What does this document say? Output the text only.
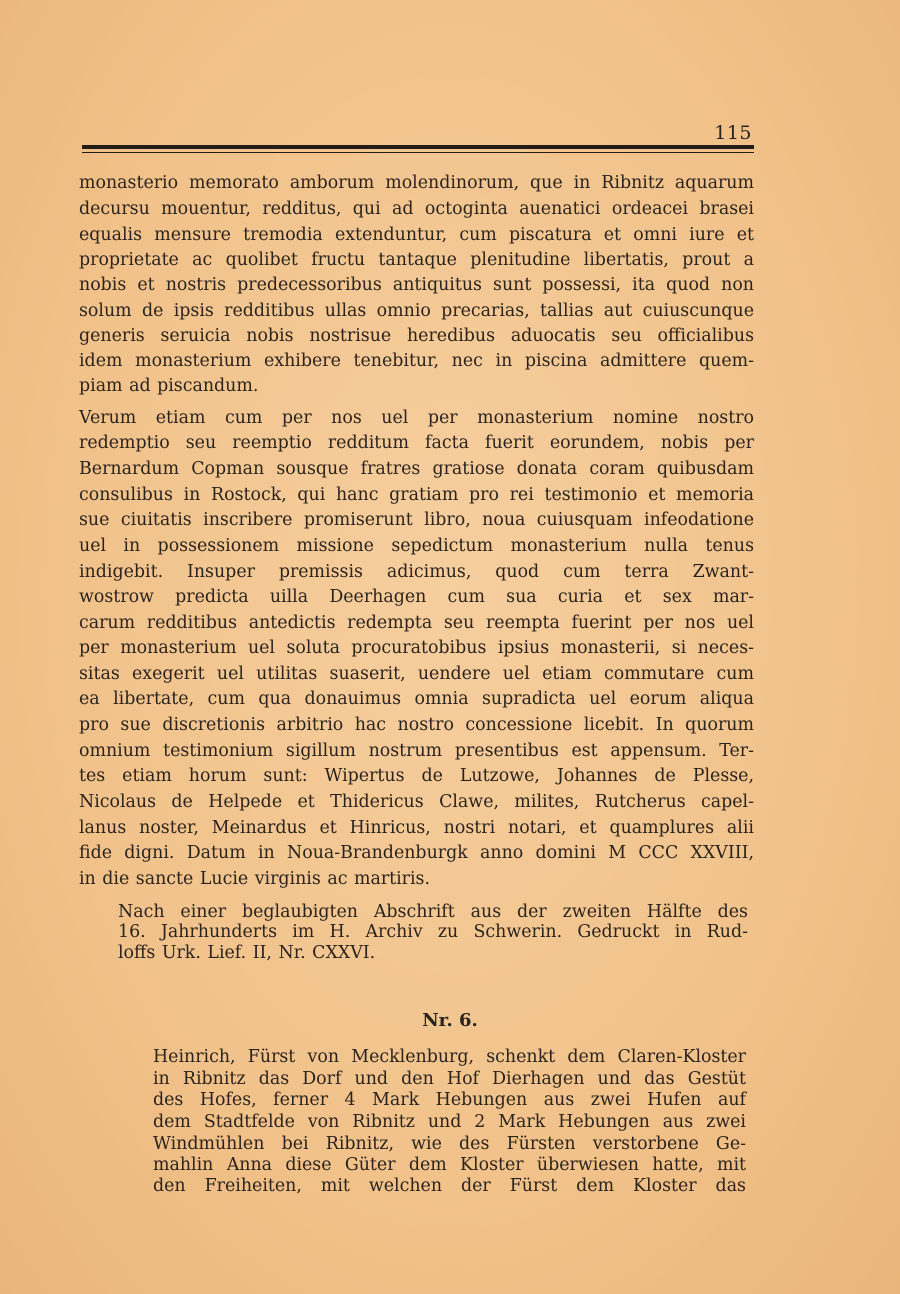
115
monasterio memorato amborum molendinorum, que in Ribnitz aquarum
decursu mouentur, redditus, qui ad octoginta auenatici ordeacei brasei
equalis mensure tremodia extenduntur, cum piscatura et omni iure et
proprietate ac quolibet fructu tantaque plenitudine libertatis, prout a
nobis et nostris predecessoribus antiquitus sunt possessi, ita quod non
solum de ipsis redditibus ullas omnio precarias, tallias aut cuiuscunque
generis seruicia nobis nostrisue heredibus aduocatis seu officialibus
idem monasterium exhibere tenebitur, nec in piscina admittere quem-
piam ad piscandum.
Verum etiam cum per nos uel per monasterium nomine nostro
redemptio seu reemptio redditum facta fuerit eorundem, nobis per
Bernardum Copman sousque fratres gratiose donata coram quibusdam
consulibus in Rostock, qui hanc gratiam pro rei testimonio et memoria
sue ciuitatis inscribere promiserunt libro, noua cuiusquam infeodatione
uel in possessionem missione sepedictum monasterium nulla tenus
indigebit. Insuper premissis adicimus, quod cum terra Zwant-
wostrow predicta uilla Deerhagen cum sua curia et sex mar-
carum redditibus antedictis redempta seu reempta fuerint per nos uel
per monasterium uel soluta procuratobibus ipsius monasterii, si neces-
sitas exegerit uel utilitas suaserit, uendere uel etiam commutare cum
ea libertate, cum qua donauimus omnia supradicta uel eorum aliqua
pro sue discretionis arbitrio hac nostro concessione licebit. In quorum
omnium testimonium sigillum nostrum presentibus est appensum. Ter-
tes etiam horum sunt: Wipertus de Lutzowe, Johannes de Plesse,
Nicolaus de Helpede et Thidericus Clawe, milites, Rutcherus capel-
lanus noster, Meinardus et Hinricus, nostri notari, et quamplures alii
fide digni. Datum in Noua-Brandenburgk anno domini M CCC XXVIII,
in die sancte Lucie virginis ac martiris.
Nach einer beglaubigten Abschrift aus der zweiten Hälfte des
16. Jahrhunderts im H. Archiv zu Schwerin. Gedruckt in Rud-
loffs Urk. Lief. II, Nr. CXXVI.
Nr. 6.
Heinrich, Fürst von Mecklenburg, schenkt dem Claren-Kloster
in Ribnitz das Dorf und den Hof Dierhagen und das Gestüt
des Hofes, ferner 4 Mark Hebungen aus zwei Hufen auf
dem Stadtfelde von Ribnitz und 2 Mark Hebungen aus zwei
Windmühlen bei Ribnitz, wie des Fürsten verstorbene Ge-
mahlin Anna diese Güter dem Kloster überwiesen hatte, mit
den Freiheiten, mit welchen der Fürst dem Kloster das
